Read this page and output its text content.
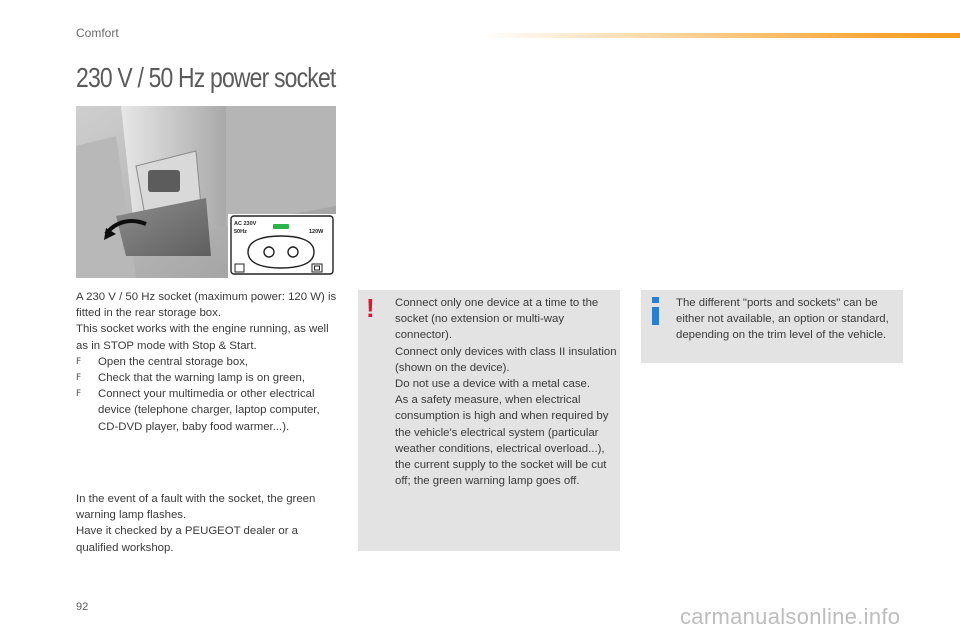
Comfort
230 V / 50 Hz power socket
AC 230V
50Hz	120W

A 230 V / 50 Hz socket (maximum power: 120 W) is fitted in the rear storage box.

This socket works with the engine running, as well as in STOP mode with Stop & Start.

F Open the central storage box,
F Check that the warning lamp is on green,
F Connect your multimedia or other electrical device (telephone charger, laptop computer, CD-DVD player, baby food warmer...).

In the event of a fault with the socket, the green warning lamp flashes.

Have it checked by a PEUGEOT dealer or a qualified workshop.

! Connect only one device at a time to the socket (no extension or multi-way connector).

Connect only devices with class II insulation (shown on the device).

Do not use a device with a metal case.

As a safety measure, when electrical consumption is high and when required by the vehicle's electrical system (particular weather conditions, electrical overload...), the current supply to the socket will be cut off; the green warning lamp goes off.

The different "ports and sockets" can be either not available, an option or standard, depending on the trim level of the vehicle.
92	carmanualsonline.info
